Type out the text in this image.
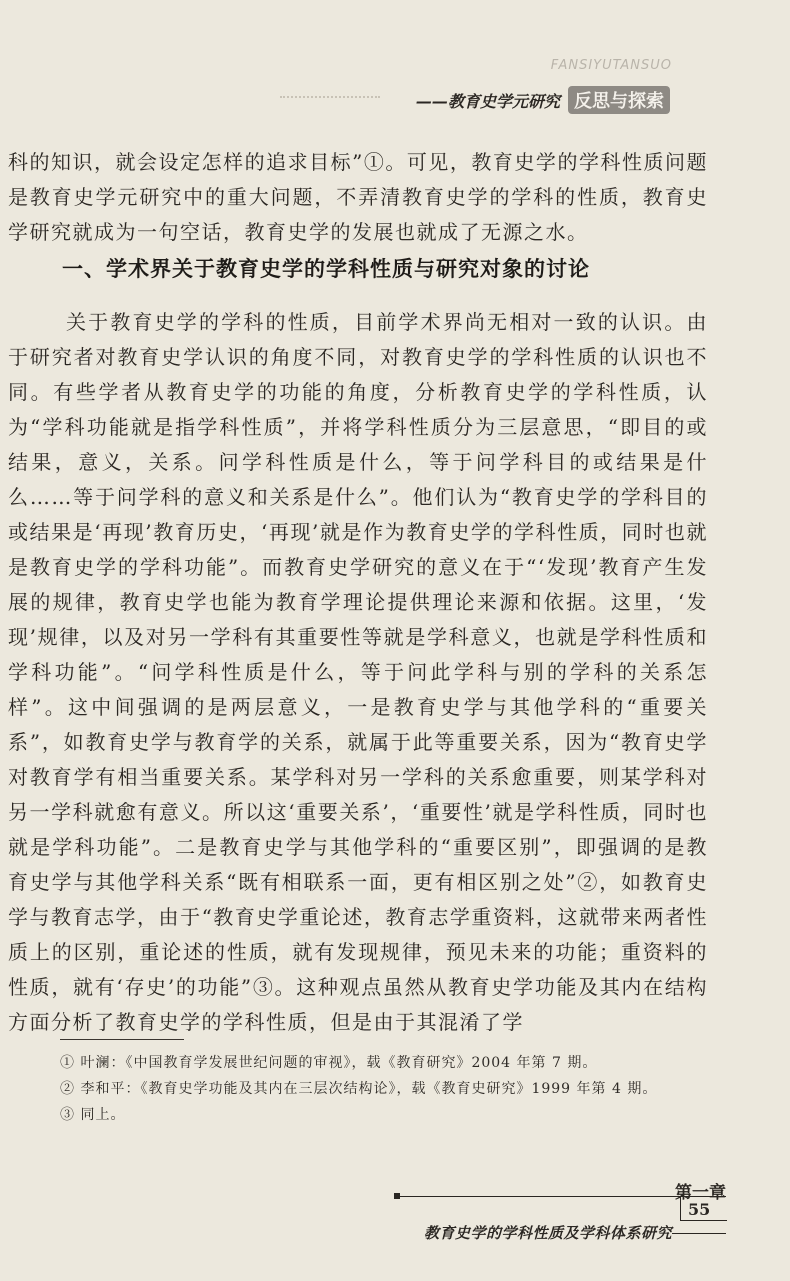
FANSIYUTANSUO
——教育史学元研究 反思与探索
科的知识，就会设定怎样的追求目标”①。可见，教育史学的学科性质问题是教育史学元研究中的重大问题，不弄清教育史学的学科的性质，教育史学研究就成为一句空话，教育史学的发展也就成了无源之水。
一、学术界关于教育史学的学科性质与研究对象的讨论
关于教育史学的学科的性质，目前学术界尚无相对一致的认识。由于研究者对教育史学认识的角度不同，对教育史学的学科性质的认识也不同。有些学者从教育史学的功能的角度，分析教育史学的学科性质，认为“学科功能就是指学科性质”，并将学科性质分为三层意思，“即目的或结果，意义，关系。问学科性质是什么，等于问学科目的或结果是什么……等于问学科的意义和关系是什么”。他们认为“教育史学的学科目的或结果是‘再现’教育历史，‘再现’就是作为教育史学的学科性质，同时也就是教育史学的学科功能”。而教育史学研究的意义在于“‘发现’教育产生发展的规律，教育史学也能为教育学理论提供理论来源和依据。这里，‘发现’规律，以及对另一学科有其重要性等就是学科意义，也就是学科性质和学科功能”。“问学科性质是什么，等于问此学科与别的学科的关系怎样”。这中间强调的是两层意义，一是教育史学与其他学科的“重要关系”，如教育史学与教育学的关系，就属于此等重要关系，因为“教育史学对教育学有相当重要关系。某学科对另一学科的关系愈重要，则某学科对另一学科就愈有意义。所以这‘重要关系’，‘重要性’就是学科性质，同时也就是学科功能”。二是教育史学与其他学科的“重要区别”，即强调的是教育史学与其他学科关系“既有相联系一面，更有相区别之处”②，如教育史学与教育志学，由于“教育史学重论述，教育志学重资料，这就带来两者性质上的区别，重论述的性质，就有发现规律，预见未来的功能；重资料的性质，就有‘存史’的功能”③。这种观点虽然从教育史学功能及其内在结构方面分析了教育史学的学科性质，但是由于其混淆了学

① 叶澜：《中国教育学发展世纪问题的审视》，载《教育研究》2004 年第 7 期。

② 李和平：《教育史学功能及其内在三层次结构论》，载《教育史研究》1999 年第 4 期。

③ 同上。

第一章
55
教育史学的学科性质及学科体系研究
